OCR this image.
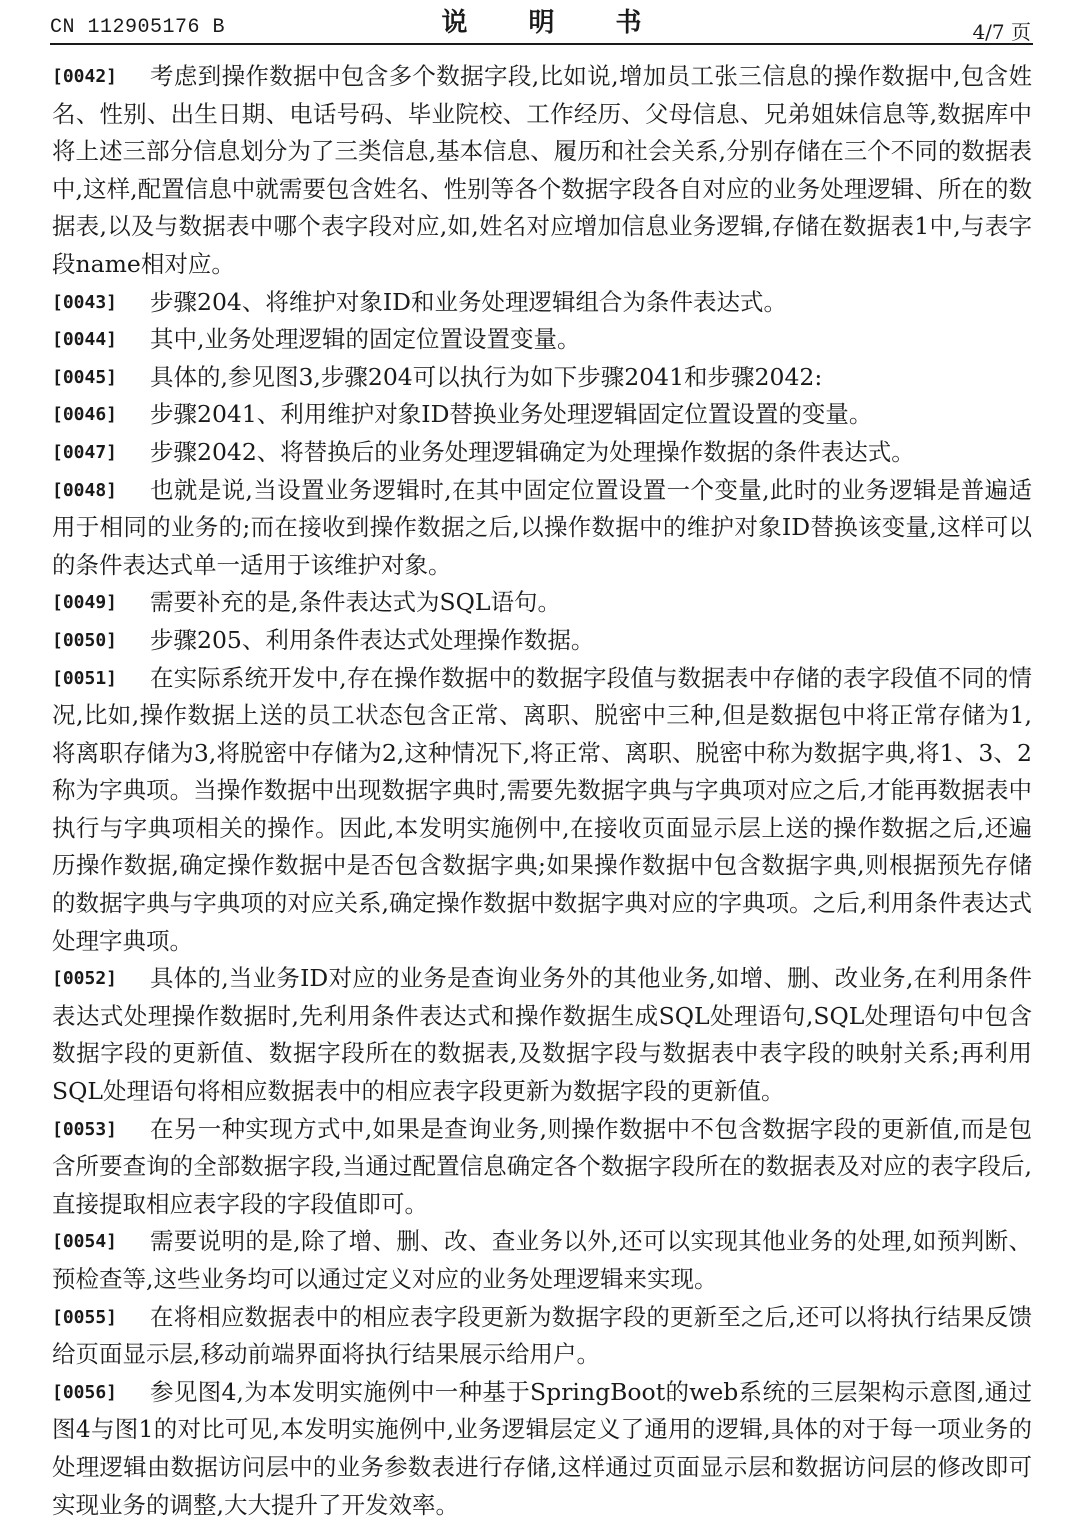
CN 112905176 B	说 明 书	4/7 页

[0042] 考虑到操作数据中包含多个数据字段,比如说,增加员工张三信息的操作数据中,包含姓名、性别、出生日期、电话号码、毕业院校、工作经历、父母信息、兄弟姐妹信息等,数据库中将上述三部分信息划分为了三类信息,基本信息、履历和社会关系,分别存储在三个不同的数据表中,这样,配置信息中就需要包含姓名、性别等各个数据字段各自对应的业务处理逻辑、所在的数据表,以及与数据表中哪个表字段对应,如,姓名对应增加信息业务逻辑,存储在数据表1中,与表字段name相对应。

[0043] 步骤204、将维护对象ID和业务处理逻辑组合为条件表达式。

[0044] 其中,业务处理逻辑的固定位置设置变量。

[0045] 具体的,参见图3,步骤204可以执行为如下步骤2041和步骤2042:

[0046] 步骤2041、利用维护对象ID替换业务处理逻辑固定位置设置的变量。

[0047] 步骤2042、将替换后的业务处理逻辑确定为处理操作数据的条件表达式。

[0048] 也就是说,当设置业务逻辑时,在其中固定位置设置一个变量,此时的业务逻辑是普遍适用于相同的业务的;而在接收到操作数据之后,以操作数据中的维护对象ID替换该变量,这样可以的条件表达式单一适用于该维护对象。

[0049] 需要补充的是,条件表达式为SQL语句。

[0050] 步骤205、利用条件表达式处理操作数据。

[0051] 在实际系统开发中,存在操作数据中的数据字段值与数据表中存储的表字段值不同的情况,比如,操作数据上送的员工状态包含正常、离职、脱密中三种,但是数据包中将正常存储为1,将离职存储为3,将脱密中存储为2,这种情况下,将正常、离职、脱密中称为数据字典,将1、3、2称为字典项。当操作数据中出现数据字典时,需要先数据字典与字典项对应之后,才能再数据表中执行与字典项相关的操作。因此,本发明实施例中,在接收页面显示层上送的操作数据之后,还遍历操作数据,确定操作数据中是否包含数据字典;如果操作数据中包含数据字典,则根据预先存储的数据字典与字典项的对应关系,确定操作数据中数据字典对应的字典项。之后,利用条件表达式处理字典项。

[0052] 具体的,当业务ID对应的业务是查询业务外的其他业务,如增、删、改业务,在利用条件表达式处理操作数据时,先利用条件表达式和操作数据生成SQL处理语句,SQL处理语句中包含数据字段的更新值、数据字段所在的数据表,及数据字段与数据表中表字段的映射关系;再利用SQL处理语句将相应数据表中的相应表字段更新为数据字段的更新值。

[0053] 在另一种实现方式中,如果是查询业务,则操作数据中不包含数据字段的更新值,而是包含所要查询的全部数据字段,当通过配置信息确定各个数据字段所在的数据表及对应的表字段后,直接提取相应表字段的字段值即可。

[0054] 需要说明的是,除了增、删、改、查业务以外,还可以实现其他业务的处理,如预判断、预检查等,这些业务均可以通过定义对应的业务处理逻辑来实现。

[0055] 在将相应数据表中的相应表字段更新为数据字段的更新至之后,还可以将执行结果反馈给页面显示层,移动前端界面将执行结果展示给用户。

[0056] 参见图4,为本发明实施例中一种基于SpringBoot的web系统的三层架构示意图,通过图4与图1的对比可见,本发明实施例中,业务逻辑层定义了通用的逻辑,具体的对于每一项业务的处理逻辑由数据访问层中的业务参数表进行存储,这样通过页面显示层和数据访问层的修改即可实现业务的调整,大大提升了开发效率。
